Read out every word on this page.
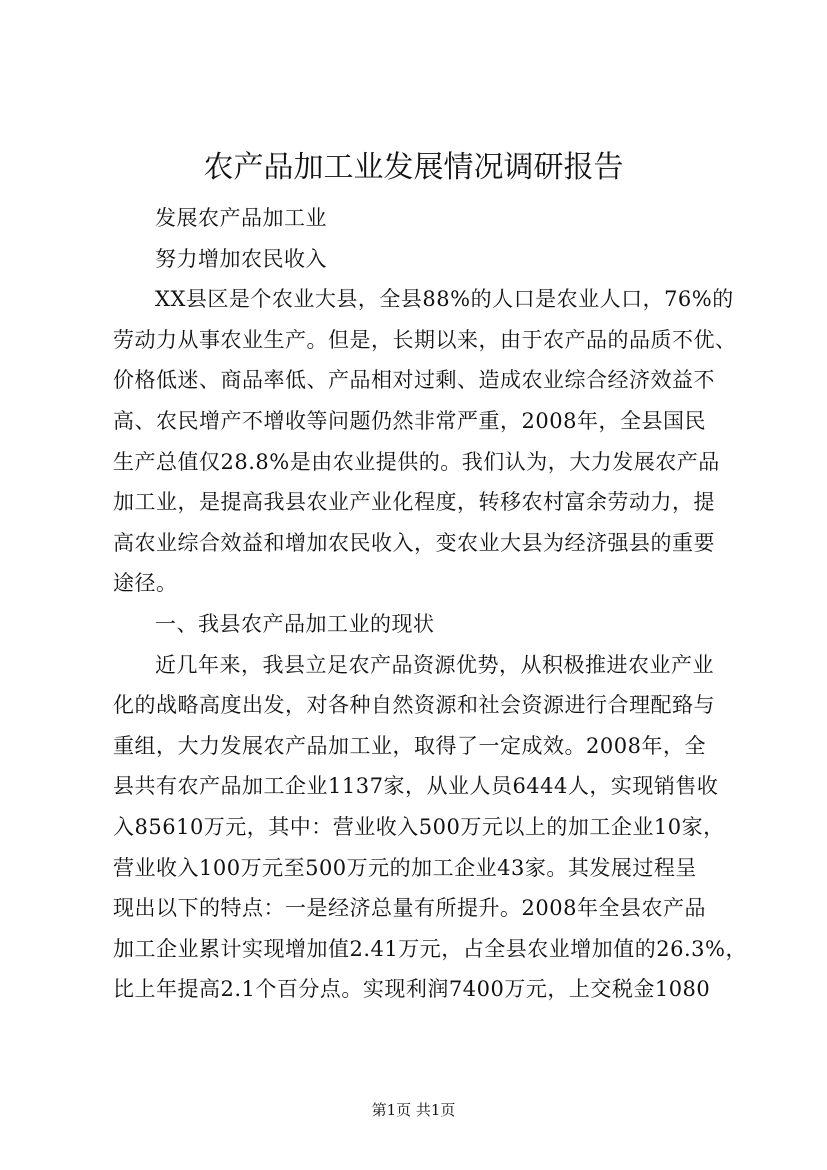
农产品加工业发展情况调研报告

发展农产品加工业

努力增加农民收入

XX县区是个农业大县，全县88%的人口是农业人口，76%的

劳动力从事农业生产。但是，长期以来，由于农产品的品质不优、
价格低迷、商品率低、产品相对过剩、造成农业综合经济效益不
高、农民增产不增收等问题仍然非常严重，2008年，全县国民
生产总值仅28.8%是由农业提供的。我们认为，大力发展农产品
加工业，是提高我县农业产业化程度，转移农村富余劳动力，提
高农业综合效益和增加农民收入，变农业大县为经济强县的重要
途径。

一、我县农产品加工业的现状

近几年来，我县立足农产品资源优势，从积极推进农业产业

化的战略高度出发，对各种自然资源和社会资源进行合理配臵与
重组，大力发展农产品加工业，取得了一定成效。2008年，全
县共有农产品加工企业1137家，从业人员6444人，实现销售收
入85610万元，其中：营业收入500万元以上的加工企业10家，
营业收入100万元至500万元的加工企业43家。其发展过程呈
现出以下的特点：一是经济总量有所提升。2008年全县农产品
加工企业累计实现增加值2.41万元，占全县农业增加值的26.3%，
比上年提高2.1个百分点。实现利润7400万元，上交税金1080

第1页 共1页
